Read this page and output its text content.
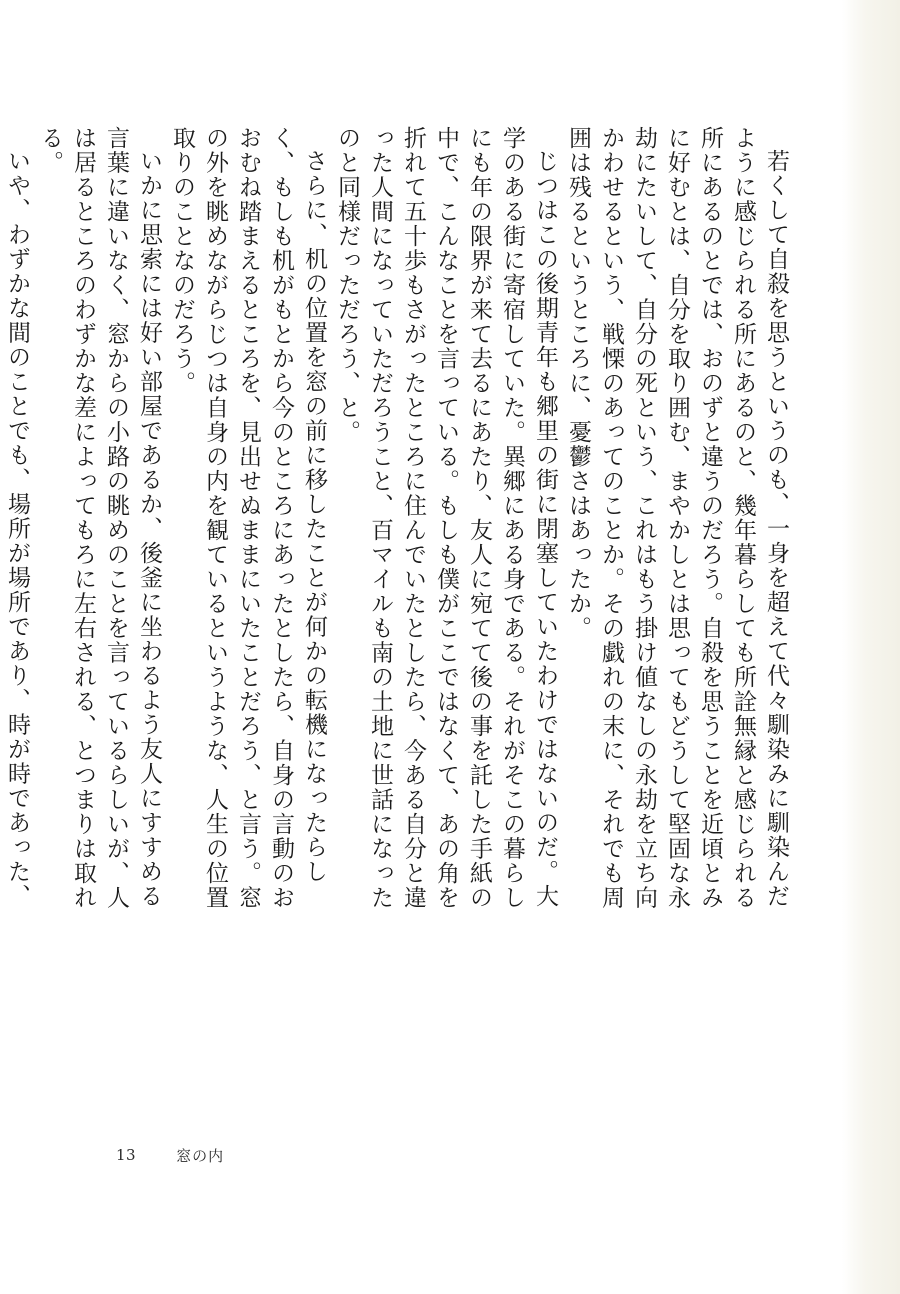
若くして自殺を思うというのも、一身を超えて代々馴染みに馴染んだように感じられる所にあるのと、幾年暮らしても所詮無縁と感じられる所にあるのとでは、おのずと違うのだろう。自殺を思うことを近頃とみに好むとは、自分を取り囲む、まやかしとは思ってもどうして堅固な永劫にたいして、自分の死という、これはもう掛け値なしの永劫を立ち向かわせるという、戦慄のあってのことか。その戯れの末に、それでも周囲は残るというところに、憂鬱さはあったか。

じつはこの後期青年も郷里の街に閉塞していたわけではないのだ。大学のある街に寄宿していた。異郷にある身である。それがそこの暮らしにも年の限界が来て去るにあたり、友人に宛てて後の事を託した手紙の中で、こんなことを言っている。もしも僕がここではなくて、あの角を折れて五十歩もさがったところに住んでいたとしたら、今ある自分と違った人間になっていただろうこと、百マイルも南の土地に世話になったのと同様だっただろう、と。

さらに、机の位置を窓の前に移したことが何かの転機になったらしく、もしも机がもとから今のところにあったとしたら、自身の言動のおおむね踏まえるところを、見出せぬままにいたことだろう、と言う。窓の外を眺めながらじつは自身の内を観ているというような、人生の位置取りのことなのだろう。

いかに思索には好い部屋であるか、後釜に坐わるよう友人にすすめる言葉に違いなく、窓からの小路の眺めのことを言っているらしいが、人は居るところのわずかな差によってもろに左右される、とつまりは取れる。

いや、わずかな間のことでも、場所が場所であり、時が時であった、

13	窓の内
